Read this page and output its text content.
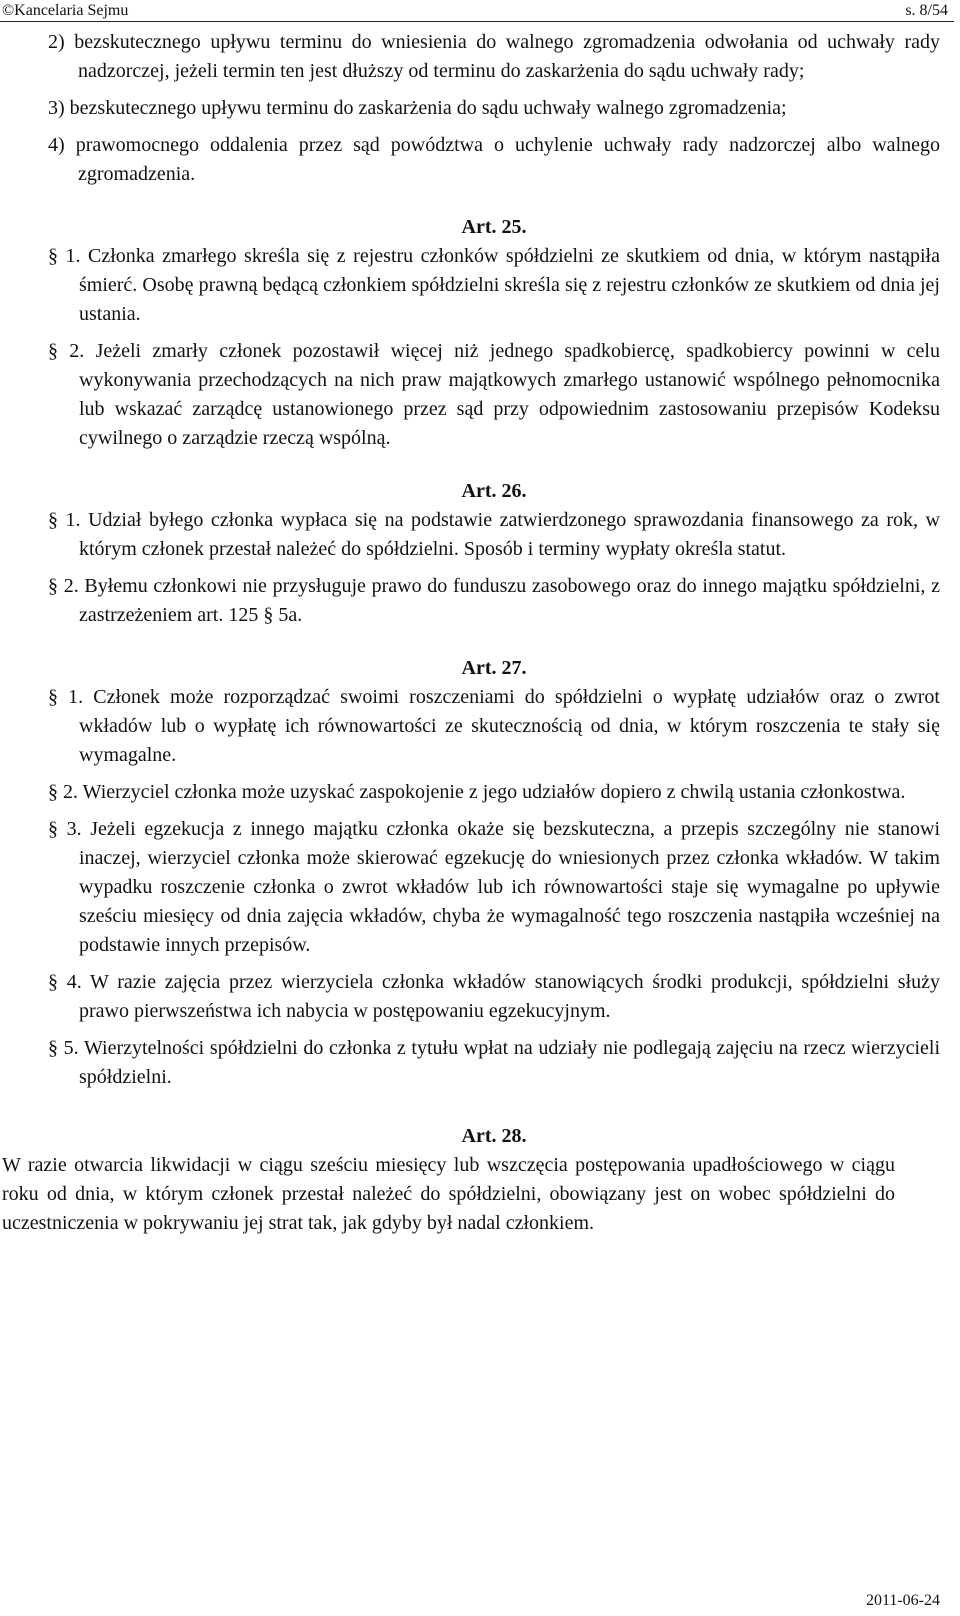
©Kancelaria Sejmu	s. 8/54

2) bezskutecznego upływu terminu do wniesienia do walnego zgromadzenia odwołania od uchwały rady nadzorczej, jeżeli termin ten jest dłuższy od terminu do zaskarżenia do sądu uchwały rady;

3) bezskutecznego upływu terminu do zaskarżenia do sądu uchwały walnego zgromadzenia;

4) prawomocnego oddalenia przez sąd powództwa o uchylenie uchwały rady nadzorczej albo walnego zgromadzenia.

Art. 25.

§ 1. Członka zmarłego skreśla się z rejestru członków spółdzielni ze skutkiem od dnia, w którym nastąpiła śmierć. Osobę prawną będącą członkiem spółdzielni skreśla się z rejestru członków ze skutkiem od dnia jej ustania.

§ 2. Jeżeli zmarły członek pozostawił więcej niż jednego spadkobiercę, spadkobiercy powinni w celu wykonywania przechodzących na nich praw majątkowych zmarłego ustanowić wspólnego pełnomocnika lub wskazać zarządcę ustanowionego przez sąd przy odpowiednim zastosowaniu przepisów Kodeksu cywilnego o zarządzie rzeczą wspólną.

Art. 26.

§ 1. Udział byłego członka wypłaca się na podstawie zatwierdzonego sprawozdania finansowego za rok, w którym członek przestał należeć do spółdzielni. Sposób i terminy wypłaty określa statut.

§ 2. Byłemu członkowi nie przysługuje prawo do funduszu zasobowego oraz do innego majątku spółdzielni, z zastrzeżeniem art. 125 § 5a.

Art. 27.

§ 1. Członek może rozporządzać swoimi roszczeniami do spółdzielni o wypłatę udziałów oraz o zwrot wkładów lub o wypłatę ich równowartości ze skutecznością od dnia, w którym roszczenia te stały się wymagalne.

§ 2. Wierzyciel członka może uzyskać zaspokojenie z jego udziałów dopiero z chwilą ustania członkostwa.

§ 3. Jeżeli egzekucja z innego majątku członka okaże się bezskuteczna, a przepis szczególny nie stanowi inaczej, wierzyciel członka może skierować egzekucję do wniesionych przez członka wkładów. W takim wypadku roszczenie członka o zwrot wkładów lub ich równowartości staje się wymagalne po upływie sześciu miesięcy od dnia zajęcia wkładów, chyba że wymagalność tego roszczenia nastąpiła wcześniej na podstawie innych przepisów.

§ 4. W razie zajęcia przez wierzyciela członka wkładów stanowiących środki produkcji, spółdzielni służy prawo pierwszeństwa ich nabycia w postępowaniu egzekucyjnym.

§ 5. Wierzytelności spółdzielni do członka z tytułu wpłat na udziały nie podlegają zajęciu na rzecz wierzycieli spółdzielni.

Art. 28.

W razie otwarcia likwidacji w ciągu sześciu miesięcy lub wszczęcia postępowania upadłościowego w ciągu roku od dnia, w którym członek przestał należeć do spółdzielni, obowiązany jest on wobec spółdzielni do uczestniczenia w pokrywaniu jej strat tak, jak gdyby był nadal członkiem.

2011-06-24
